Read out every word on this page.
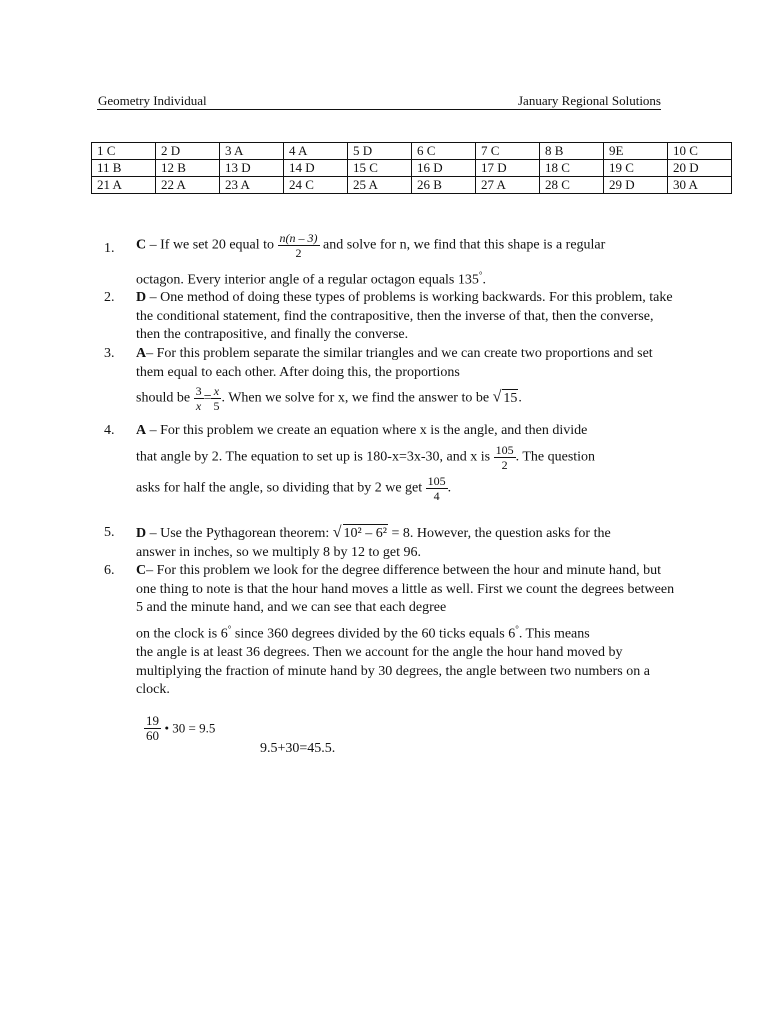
Geometry Individual	January Regional Solutions
1 C	2 D	3 A	4 A	5 D	6 C	7 C	8 B	9E	10 C
11 B	12 B	13 D	14 D	15 C	16 D	17 D	18 C	19 C	20 D
21 A	22 A	23 A	24 C	25 A	26 B	27 A	28 C	29 D	30 A
1.	C – If we set 20 equal to $\frac{n(n - 3)}{2}$ and solve for n, we find that this shape is a regular
octagon. Every interior angle of a regular octagon equals 135°.
2.	D – One method of doing these types of problems is working backwards. For this problem, take the conditional statement, find the contrapositive, then the inverse of that, then the converse, then the contrapositive, and finally the converse.
3.	A– For this problem separate the similar triangles and we can create two proportions and set them equal to each other. After doing this, the proportions
should be $\frac{3}{x} = \frac{x}{5}$ . When we solve for x, we find the answer to be √ 15.
4.	A – For this problem we create an equation where x is the angle, and then divide
that angle by 2. The equation to set up is 180-x=3x-30, and x is $\frac{105}{2}$ . The question
asks for half the angle, so dividing that by 2 we get $\frac{105}{4}$ .
5.	D – Use the Pythagorean theorem: √ 10² – 6² = 8. However, the question asks for the
answer in inches, so we multiply 8 by 12 to get 96.
6.	C– For this problem we look for the degree difference between the hour and minute hand, but one thing to note is that the hour hand moves a little as well. First we count the degrees between 5 and the minute hand, and we can see that each degree
on the clock is 6° since 360 degrees divided by the 60 ticks equals 6°. This means
the angle is at least 36 degrees. Then we account for the angle the hour hand moved by multiplying the fraction of minute hand by 30 degrees, the angle between two numbers on a clock.
$\frac{19}{60}$ • 30 = 9.5
9.5+30=45.5.
